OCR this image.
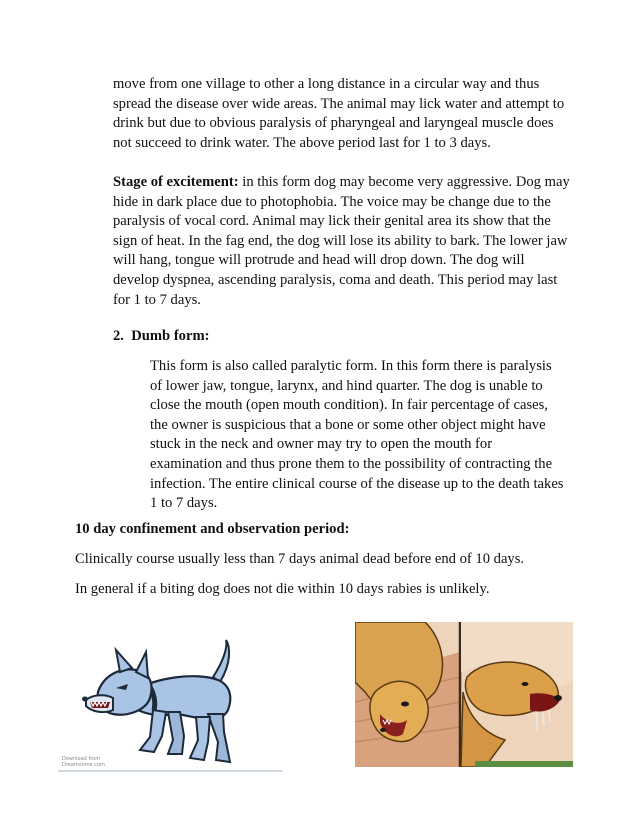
move from one village to other a long distance in a circular way and thus spread the disease over wide areas. The animal may lick water and attempt to drink but due to obvious paralysis of pharyngeal and laryngeal muscle does not succeed to drink water. The above period last for 1 to 3 days.

Stage of excitement: in this form dog may become very aggressive. Dog may hide in dark place due to photophobia. The voice may be change due to the paralysis of vocal cord. Animal may lick their genital area its show that the sign of heat. In the fag end, the dog will lose its ability to bark. The lower jaw will hang, tongue will protrude and head will drop down. The dog will develop dyspnea, ascending paralysis, coma and death. This period may last for 1 to 7 days.

2.  Dumb form:

This form is also called paralytic form. In this form there is paralysis of lower jaw, tongue, larynx, and hind quarter. The dog is unable to close the mouth (open mouth condition). In fair percentage of cases, the owner is suspicious that a bone or some other object might have stuck in the neck and owner may try to open the mouth for examination and thus prone them to the possibility of contracting the infection. The entire clinical course of the disease up to the death takes 1 to 7 days.

10 day confinement and observation period:

Clinically course usually less than 7 days animal dead before end of 10 days.

In general if a biting dog does not die within 10 days rabies is unlikely.

Download from Dreamstime.com
